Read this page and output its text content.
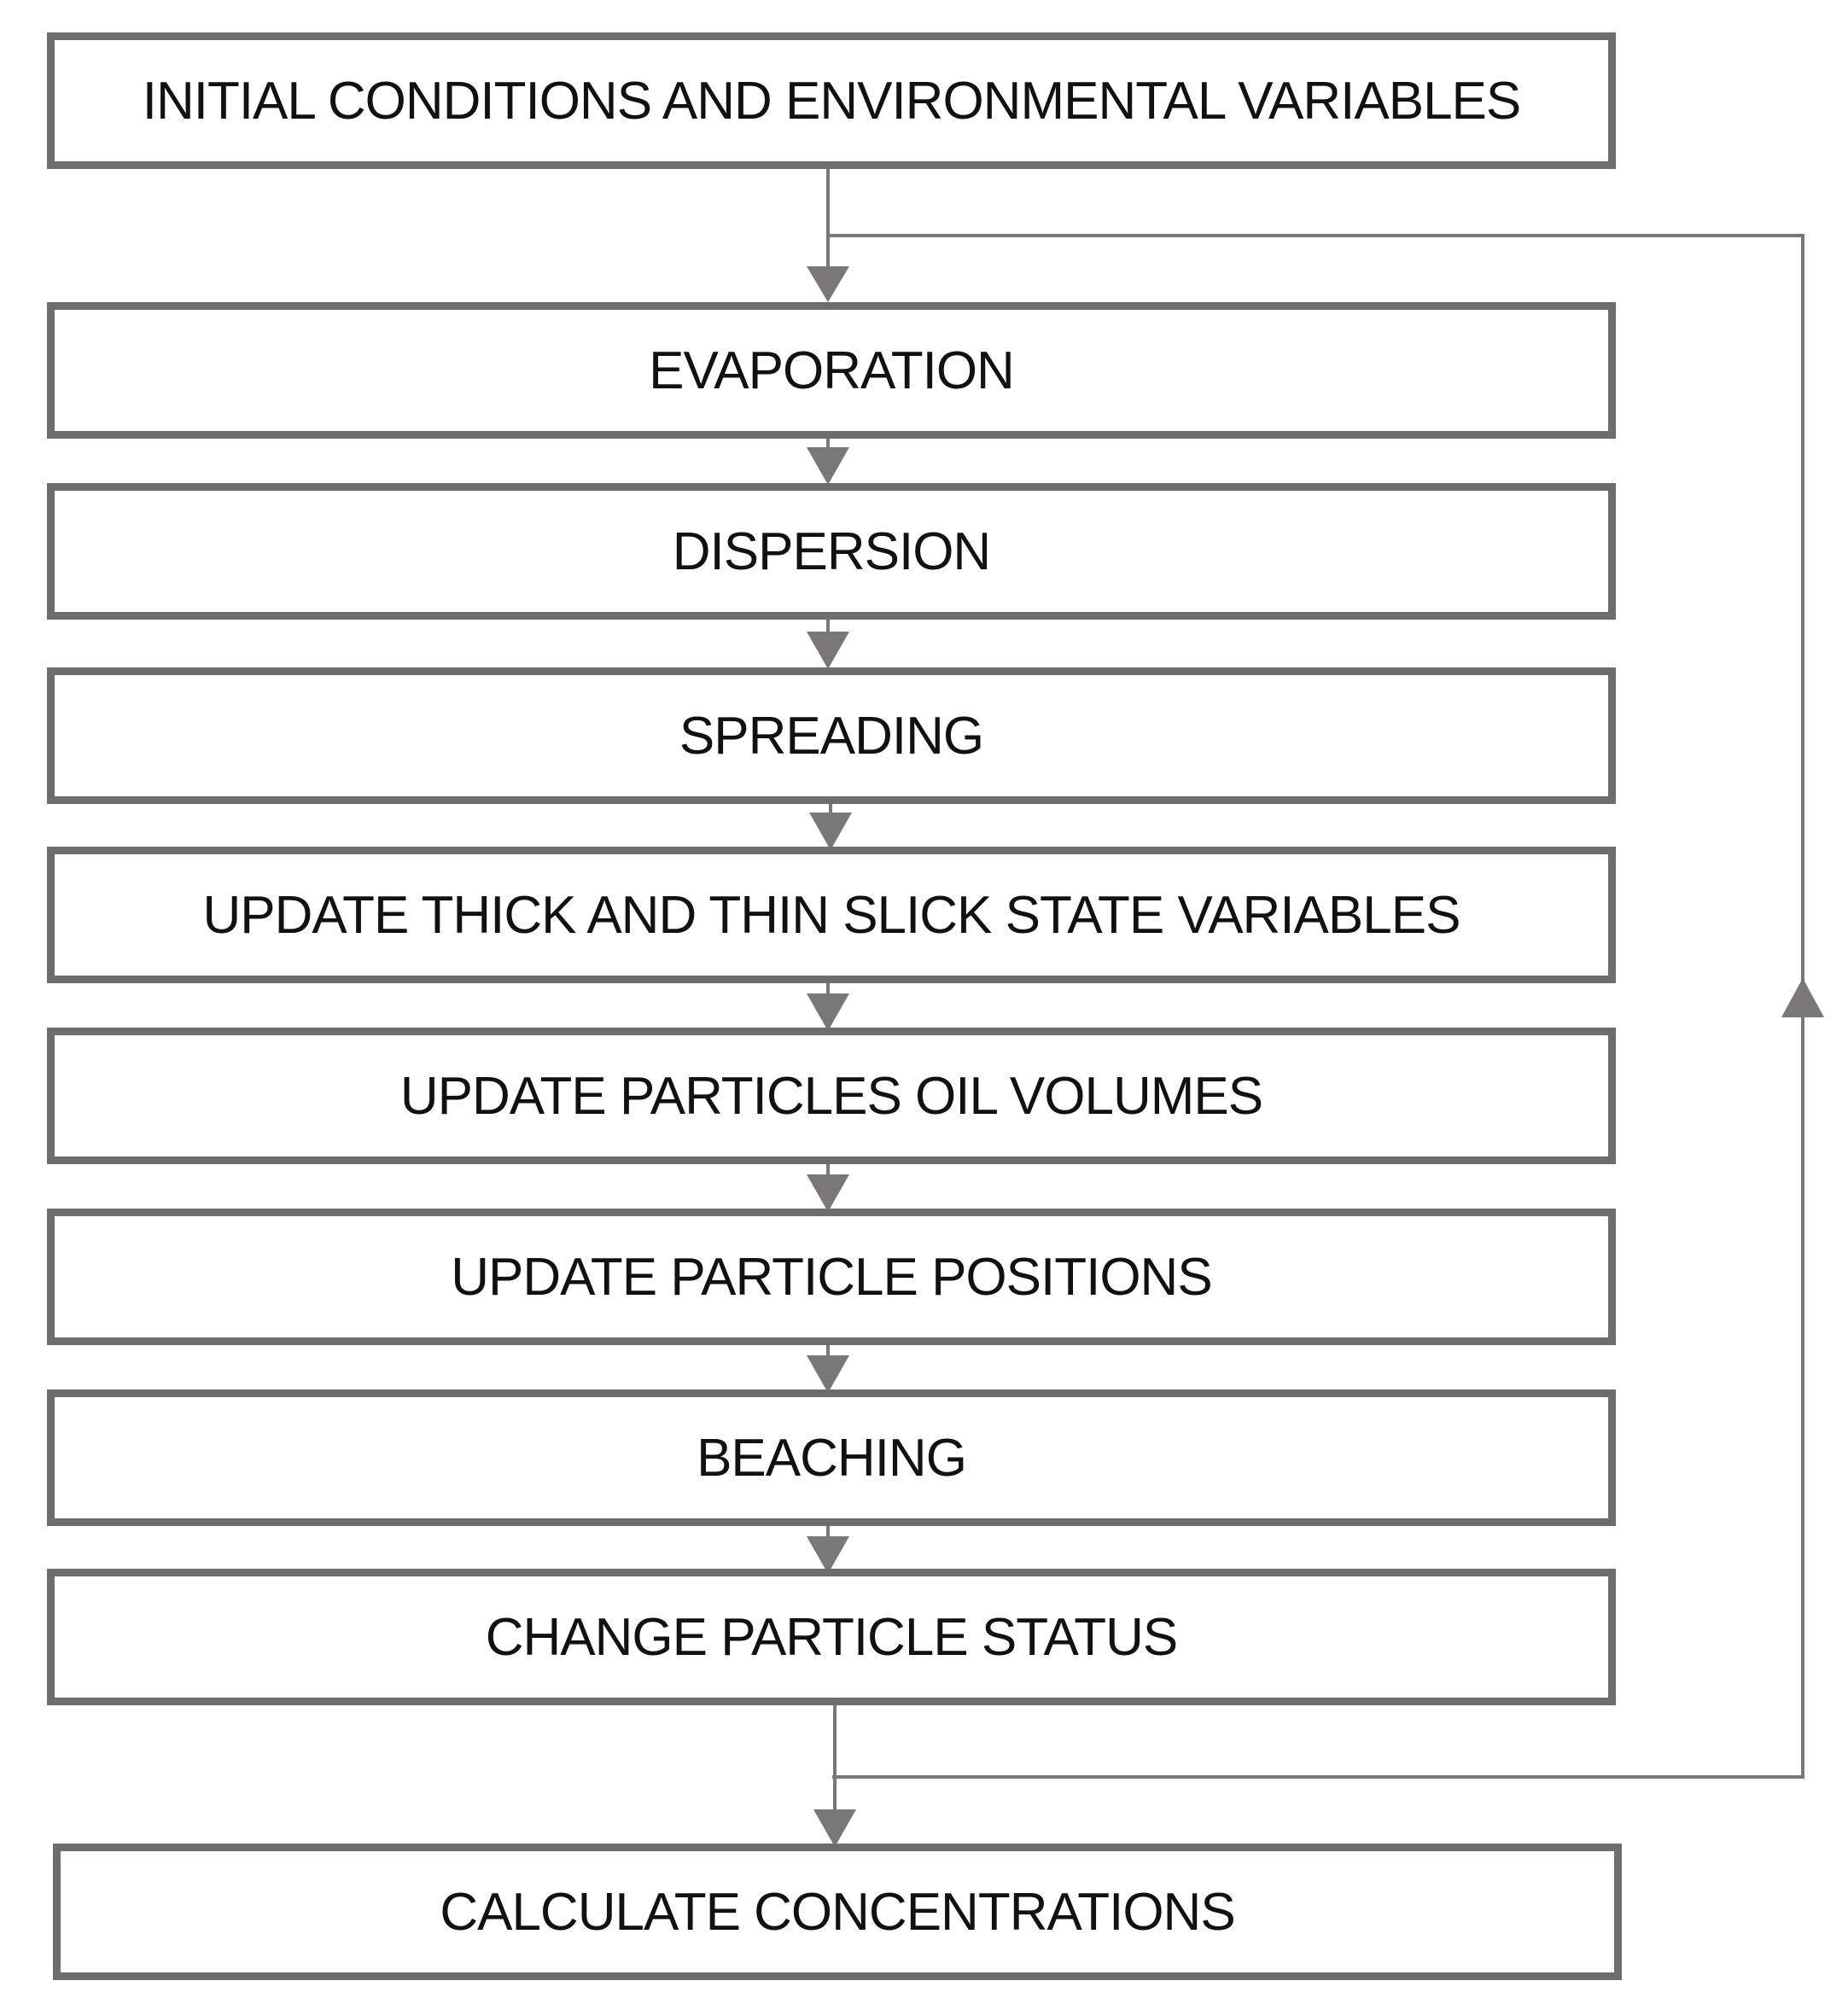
INITIAL CONDITIONS AND ENVIRONMENTAL VARIABLES
EVAPORATION
DISPERSION
SPREADING
UPDATE THICK AND THIN SLICK STATE VARIABLES
UPDATE PARTICLES OIL VOLUMES
UPDATE PARTICLE POSITIONS
BEACHING
CHANGE PARTICLE STATUS
CALCULATE CONCENTRATIONS
